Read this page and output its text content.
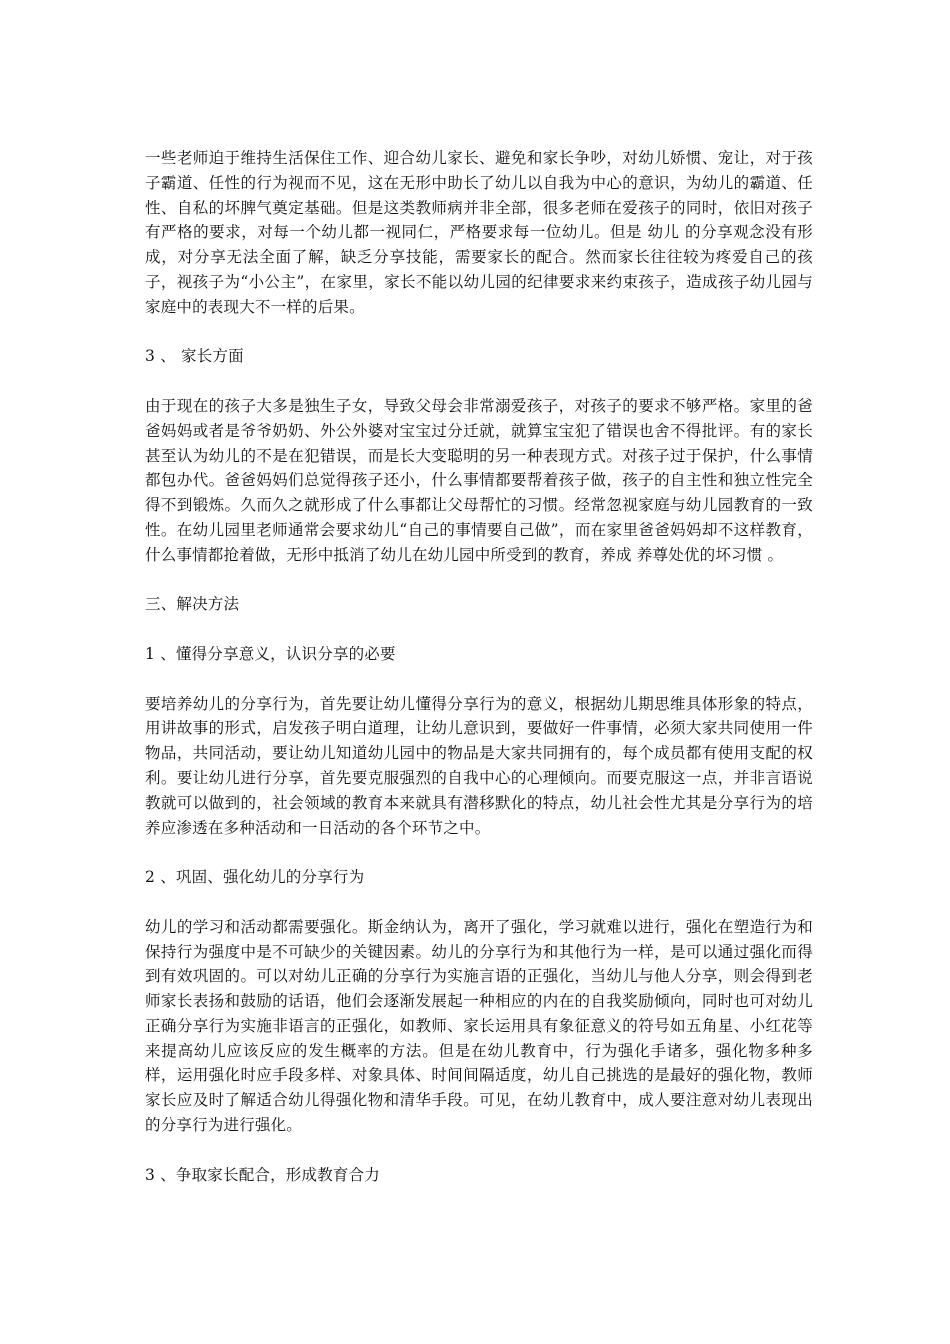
一些老师迫于维持生活保住工作、迎合幼儿家长、避免和家长争吵，对幼儿娇惯、宠让，对于孩子霸道、任性的行为视而不见，这在无形中助长了幼儿以自我为中心的意识，为幼儿的霸道、任性、自私的坏脾气奠定基础。但是这类教师病并非全部，很多老师在爱孩子的同时，依旧对孩子有严格的要求，对每一个幼儿都一视同仁，严格要求每一位幼儿。但是 幼儿 的分享观念没有形成，对分享无法全面了解，缺乏分享技能，需要家长的配合。然而家长往往较为疼爱自己的孩子，视孩子为“小公主”，在家里，家长不能以幼儿园的纪律要求来约束孩子，造成孩子幼儿园与家庭中的表现大不一样的后果。

3 、 家长方面

由于现在的孩子大多是独生子女，导致父母会非常溺爱孩子，对孩子的要求不够严格。家里的爸爸妈妈或者是爷爷奶奶、外公外婆对宝宝过分迁就，就算宝宝犯了错误也舍不得批评。有的家长甚至认为幼儿的不是在犯错误，而是长大变聪明的另一种表现方式。对孩子过于保护，什么事情都包办代。爸爸妈妈们总觉得孩子还小，什么事情都要帮着孩子做，孩子的自主性和独立性完全得不到锻炼。久而久之就形成了什么事都让父母帮忙的习惯。经常忽视家庭与幼儿园教育的一致性。在幼儿园里老师通常会要求幼儿“自己的事情要自己做”，而在家里爸爸妈妈却不这样教育，什么事情都抢着做，无形中抵消了幼儿在幼儿园中所受到的教育，养成 养尊处优的坏习惯 。

三、解决方法

1 、懂得分享意义，认识分享的必要

要培养幼儿的分享行为，首先要让幼儿懂得分享行为的意义，根据幼儿期思维具体形象的特点，用讲故事的形式，启发孩子明白道理，让幼儿意识到，要做好一件事情，必须大家共同使用一件物品，共同活动，要让幼儿知道幼儿园中的物品是大家共同拥有的，每个成员都有使用支配的权利。要让幼儿进行分享，首先要克服强烈的自我中心的心理倾向。而要克服这一点，并非言语说教就可以做到的，社会领域的教育本来就具有潜移默化的特点，幼儿社会性尤其是分享行为的培养应渗透在多种活动和一日活动的各个环节之中。

2 、巩固、强化幼儿的分享行为

幼儿的学习和活动都需要强化。斯金纳认为，离开了强化，学习就难以进行，强化在塑造行为和保持行为强度中是不可缺少的关键因素。幼儿的分享行为和其他行为一样，是可以通过强化而得到有效巩固的。可以对幼儿正确的分享行为实施言语的正强化，当幼儿与他人分享，则会得到老师家长表扬和鼓励的话语，他们会逐渐发展起一种相应的内在的自我奖励倾向，同时也可对幼儿正确分享行为实施非语言的正强化，如教师、家长运用具有象征意义的符号如五角星、小红花等来提高幼儿应该反应的发生概率的方法。但是在幼儿教育中，行为强化手诸多，强化物多种多样，运用强化时应手段多样、对象具体、时间间隔适度，幼儿自己挑选的是最好的强化物，教师家长应及时了解适合幼儿得强化物和清华手段。可见，在幼儿教育中，成人要注意对幼儿表现出的分享行为进行强化。

3 、争取家长配合，形成教育合力
